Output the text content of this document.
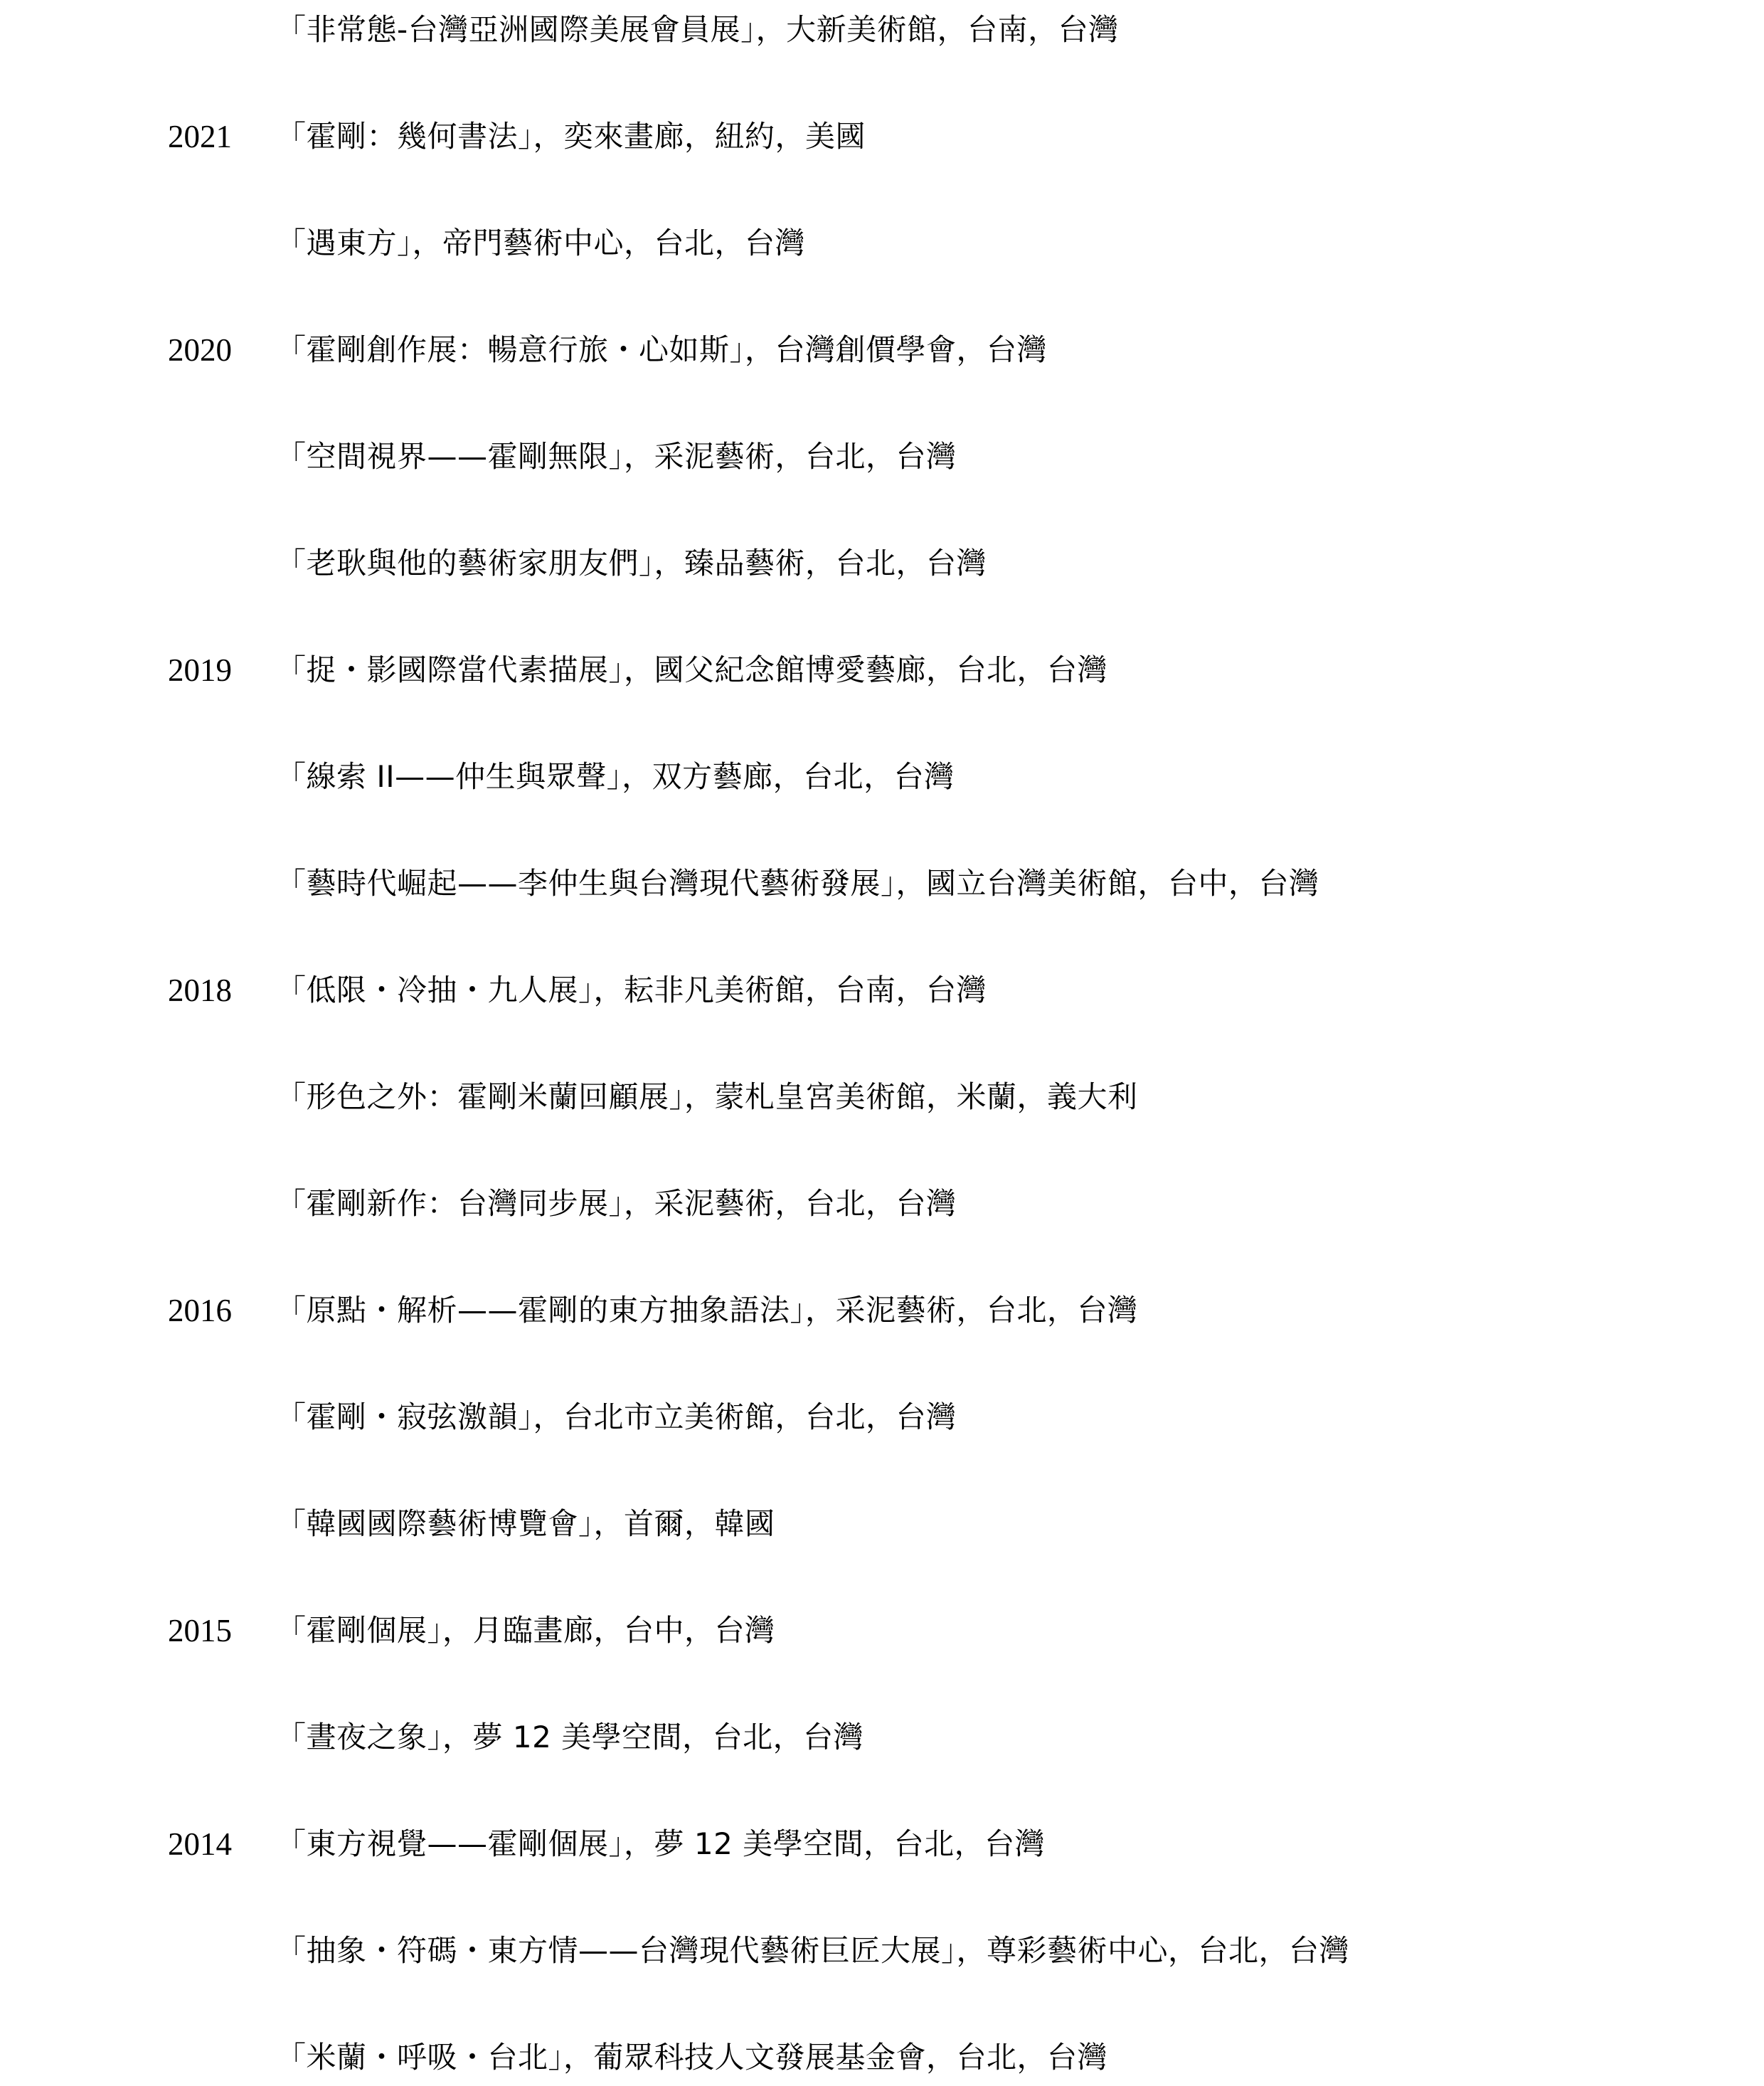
「非常態-台灣亞洲國際美展會員展」，大新美術館，台南，台灣
2021 「霍剛：幾何書法」，奕來畫廊，紐約，美國
「遇東方」，帝門藝術中心，台北，台灣
2020 「霍剛創作展：暢意行旅・心如斯」，台灣創價學會，台灣
「空間視界——霍剛無限」，采泥藝術，台北，台灣
「老耿與他的藝術家朋友們」，臻品藝術，台北，台灣
2019 「捉・影國際當代素描展」，國父紀念館博愛藝廊，台北，台灣
「線索 II——仲生與眾聲」，双方藝廊，台北，台灣
「藝時代崛起——李仲生與台灣現代藝術發展」，國立台灣美術館，台中，台灣
2018 「低限・冷抽・九人展」，耘非凡美術館，台南，台灣
「形色之外：霍剛米蘭回顧展」，蒙札皇宮美術館，米蘭，義大利
「霍剛新作：台灣同步展」，采泥藝術，台北，台灣
2016 「原點・解析——霍剛的東方抽象語法」，采泥藝術，台北，台灣
「霍剛・寂弦激韻」，台北市立美術館，台北，台灣
「韓國國際藝術博覽會」，首爾，韓國
2015 「霍剛個展」，月臨畫廊，台中，台灣
「晝夜之象」，夢 12 美學空間，台北，台灣
2014 「東方視覺——霍剛個展」，夢 12 美學空間，台北，台灣
「抽象・符碼・東方情——台灣現代藝術巨匠大展」，尊彩藝術中心，台北，台灣
「米蘭・呼吸・台北」，葡眾科技人文發展基金會，台北，台灣
